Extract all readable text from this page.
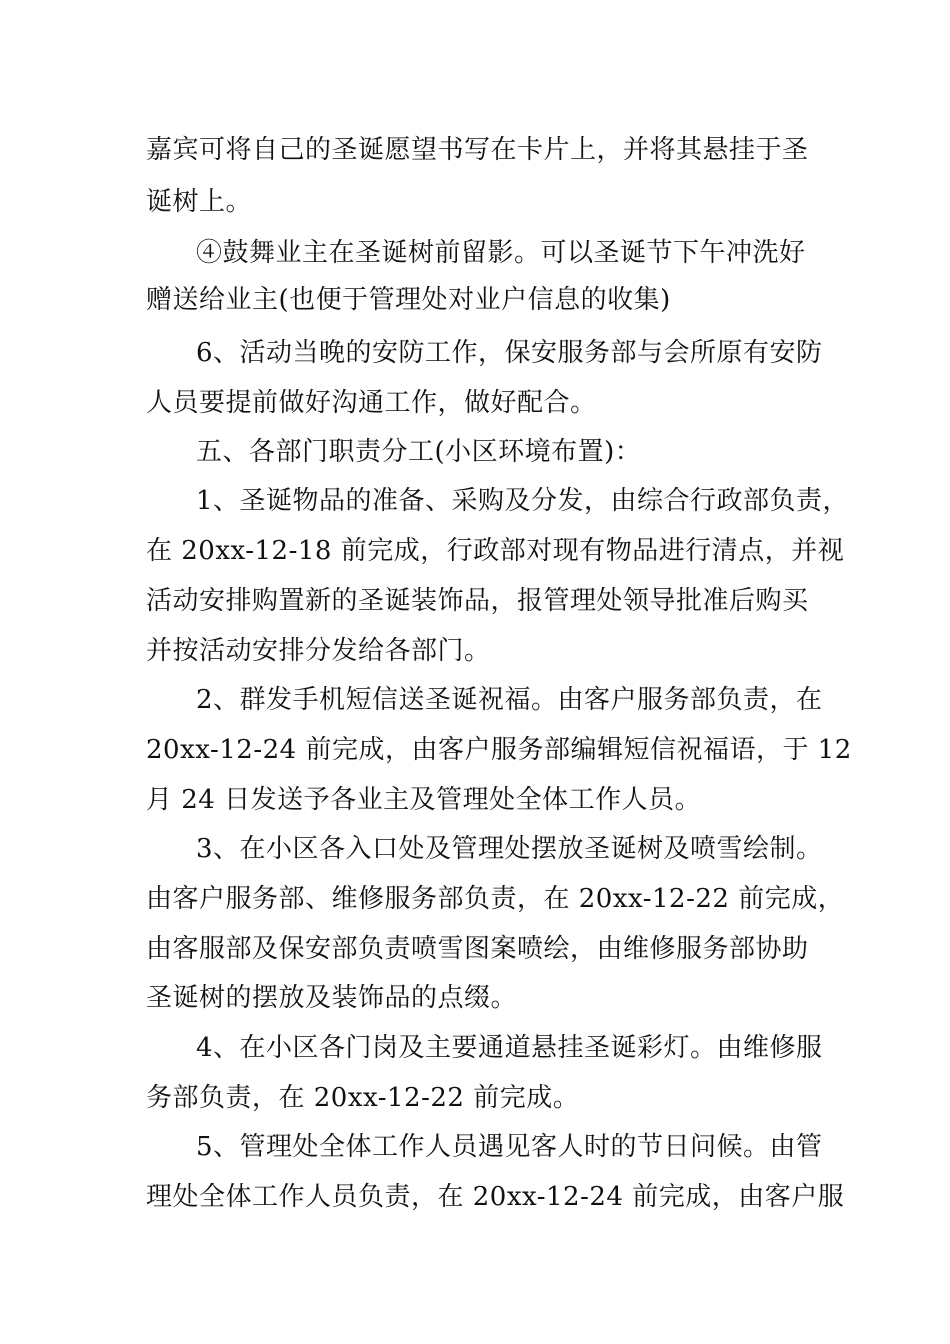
嘉宾可将自己的圣诞愿望书写在卡片上，并将其悬挂于圣
诞树上。
④鼓舞业主在圣诞树前留影。可以圣诞节下午冲洗好
赠送给业主(也便于管理处对业户信息的收集)
6、活动当晚的安防工作，保安服务部与会所原有安防
人员要提前做好沟通工作，做好配合。
五、各部门职责分工(小区环境布置)：
1、圣诞物品的准备、采购及分发，由综合行政部负责，
在 20xx-12-18 前完成，行政部对现有物品进行清点，并视
活动安排购置新的圣诞装饰品，报管理处领导批准后购买
并按活动安排分发给各部门。
2、群发手机短信送圣诞祝福。由客户服务部负责，在
20xx-12-24 前完成，由客户服务部编辑短信祝福语，于 12
月 24 日发送予各业主及管理处全体工作人员。
3、在小区各入口处及管理处摆放圣诞树及喷雪绘制。
由客户服务部、维修服务部负责，在 20xx-12-22 前完成，
由客服部及保安部负责喷雪图案喷绘，由维修服务部协助
圣诞树的摆放及装饰品的点缀。
4、在小区各门岗及主要通道悬挂圣诞彩灯。由维修服
务部负责，在 20xx-12-22 前完成。
5、管理处全体工作人员遇见客人时的节日问候。由管
理处全体工作人员负责，在 20xx-12-24 前完成，由客户服
